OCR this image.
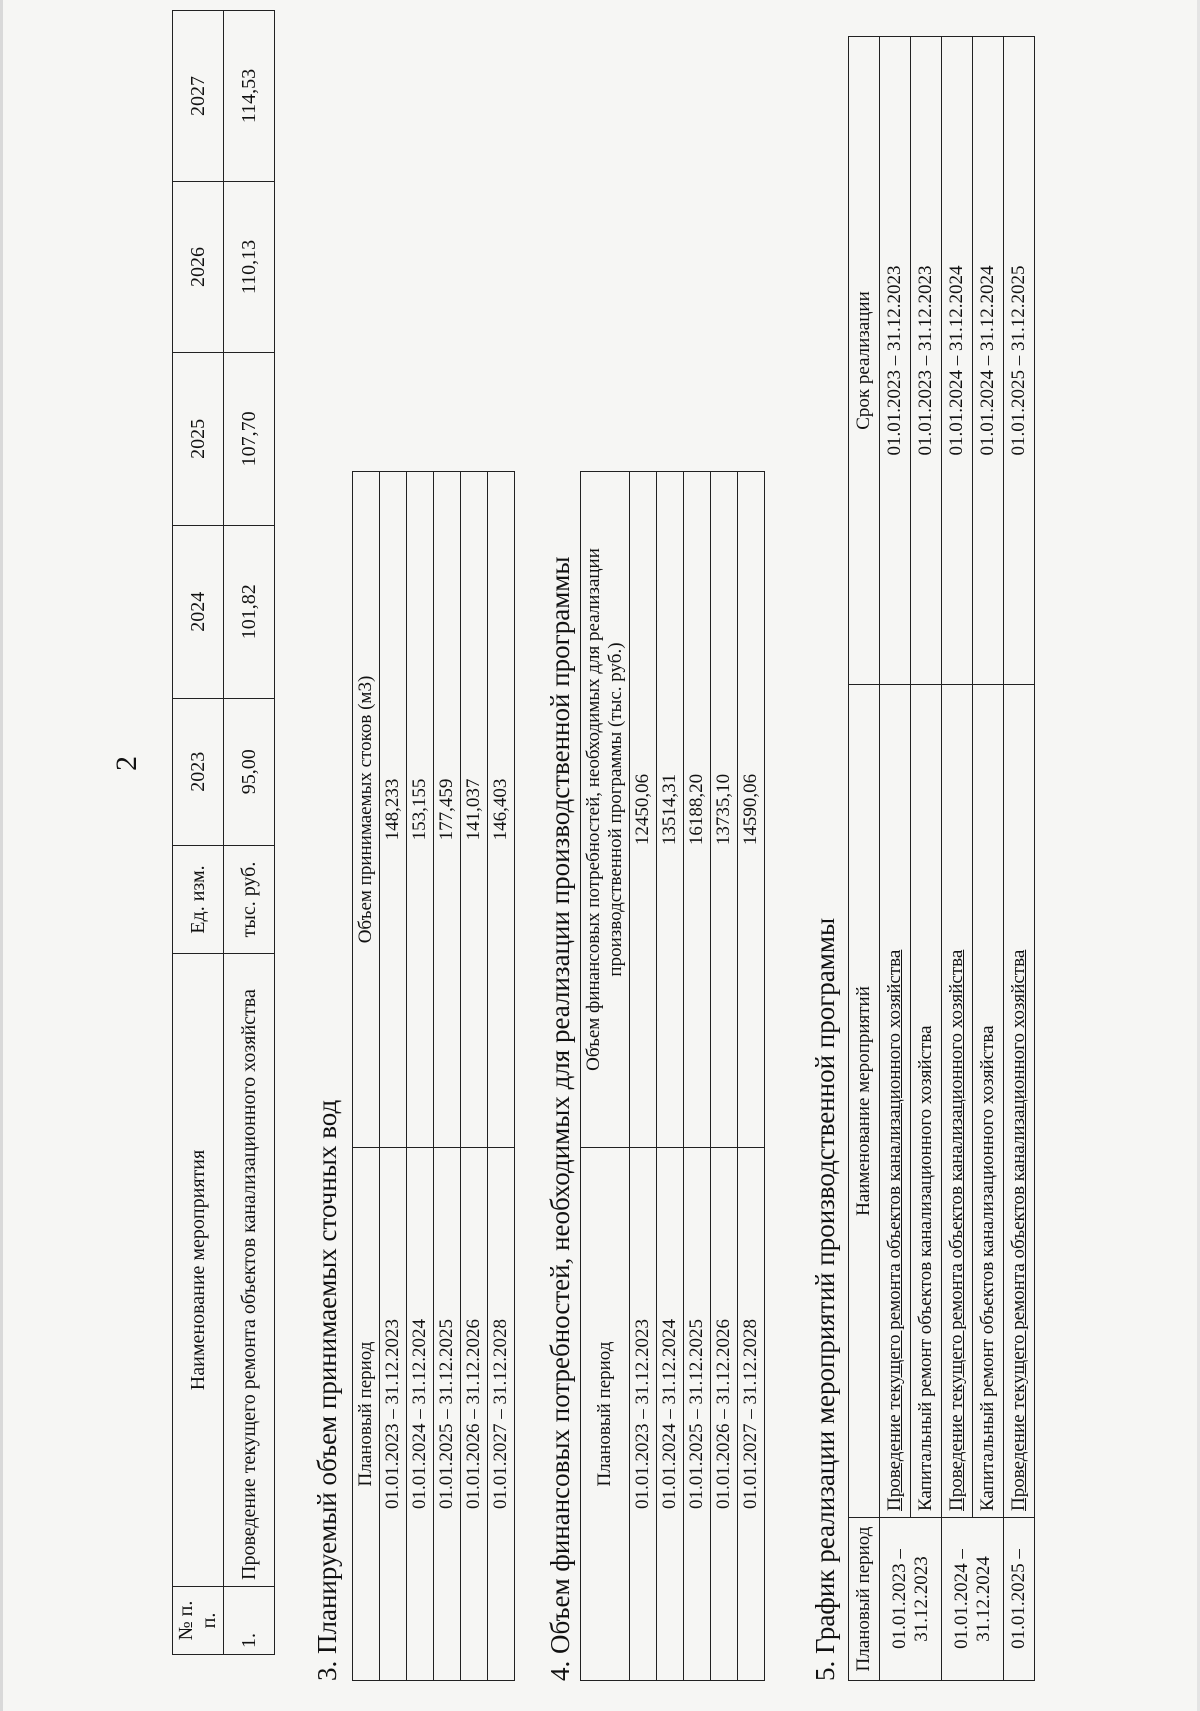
2
№ п. п.	Наименование мероприятия	Ед. изм.	2023	2024	2025	2026	2027
1.	Проведение текущего ремонта объектов канализационного хозяйства	тыс. руб.	95,00	101,82	107,70	110,13	114,53
3. Планируемый объем принимаемых сточных вод Плановый период	Объем принимаемых стоков (м3)
01.01.2023 – 31.12.2023	148,233
01.01.2024 – 31.12.2024	153,155
01.01.2025 – 31.12.2025	177,459
01.01.2026 – 31.12.2026	141,037
01.01.2027 – 31.12.2028	146,403 4. Объем финансовых потребностей, необходимых для реализации производственной программы Плановый период	Объем финансовых потребностей, необходимых для реализации производственной программы (тыс. руб.)
01.01.2023 – 31.12.2023	12450,06
01.01.2024 – 31.12.2024	13514,31
01.01.2025 – 31.12.2025	16188,20
01.01.2026 – 31.12.2026	13735,10
01.01.2027 – 31.12.2028	14590,06
5. График реализации мероприятий производственной программы Плановый период	Наименование мероприятий	Срок реализации
01.01.2023 – 31.12.2023	Проведение текущего ремонта объектов канализационного хозяйства	01.01.2023 – 31.12.2023
	Капитальный ремонт объектов канализационного хозяйства	01.01.2023 – 31.12.2023
01.01.2024 – 31.12.2024	Проведение текущего ремонта объектов канализационного хозяйства	01.01.2024 – 31.12.2024
	Капитальный ремонт объектов канализационного хозяйства	01.01.2024 – 31.12.2024
01.01.2025 –	Проведение текущего ремонта объектов канализационного хозяйства	01.01.2025 – 31.12.2025
